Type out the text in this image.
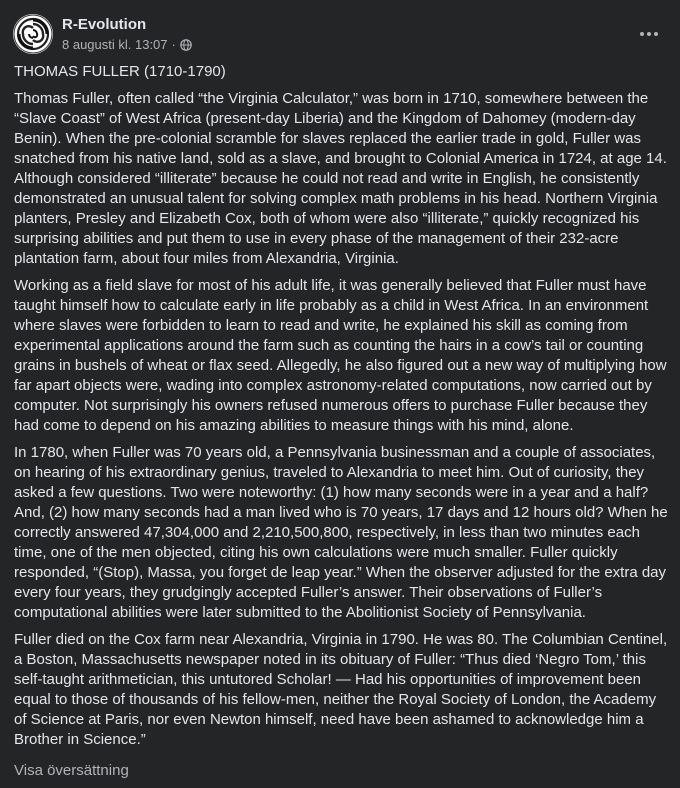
R-Evolution
8 augusti kl. 13:07 ·

THOMAS FULLER (1710-1790)

Thomas Fuller, often called “the Virginia Calculator,” was born in 1710, somewhere between the “Slave Coast” of West Africa (present-day Liberia) and the Kingdom of Dahomey (modern-day Benin). When the pre-colonial scramble for slaves replaced the earlier trade in gold, Fuller was snatched from his native land, sold as a slave, and brought to Colonial America in 1724, at age 14. Although considered “illiterate” because he could not read and write in English, he consistently demonstrated an unusual talent for solving complex math problems in his head. Northern Virginia planters, Presley and Elizabeth Cox, both of whom were also “illiterate,” quickly recognized his surprising abilities and put them to use in every phase of the management of their 232-acre plantation farm, about four miles from Alexandria, Virginia.

Working as a field slave for most of his adult life, it was generally believed that Fuller must have taught himself how to calculate early in life probably as a child in West Africa. In an environment where slaves were forbidden to learn to read and write, he explained his skill as coming from experimental applications around the farm such as counting the hairs in a cow’s tail or counting grains in bushels of wheat or flax seed. Allegedly, he also figured out a new way of multiplying how far apart objects were, wading into complex astronomy-related computations, now carried out by computer. Not surprisingly his owners refused numerous offers to purchase Fuller because they had come to depend on his amazing abilities to measure things with his mind, alone.

In 1780, when Fuller was 70 years old, a Pennsylvania businessman and a couple of associates, on hearing of his extraordinary genius, traveled to Alexandria to meet him. Out of curiosity, they asked a few questions. Two were noteworthy: (1) how many seconds were in a year and a half? And, (2) how many seconds had a man lived who is 70 years, 17 days and 12 hours old? When he correctly answered 47,304,000 and 2,210,500,800, respectively, in less than two minutes each time, one of the men objected, citing his own calculations were much smaller. Fuller quickly responded, “(Stop), Massa, you forget de leap year.” When the observer adjusted for the extra day every four years, they grudgingly accepted Fuller’s answer. Their observations of Fuller’s computational abilities were later submitted to the Abolitionist Society of Pennsylvania.

Fuller died on the Cox farm near Alexandria, Virginia in 1790. He was 80. The Columbian Centinel, a Boston, Massachusetts newspaper noted in its obituary of Fuller: “Thus died ‘Negro Tom,’ this self-taught arithmetician, this untutored Scholar! — Had his opportunities of improvement been equal to those of thousands of his fellow-men, neither the Royal Society of London, the Academy of Science at Paris, nor even Newton himself, need have been ashamed to acknowledge him a Brother in Science.”

Visa översättning
